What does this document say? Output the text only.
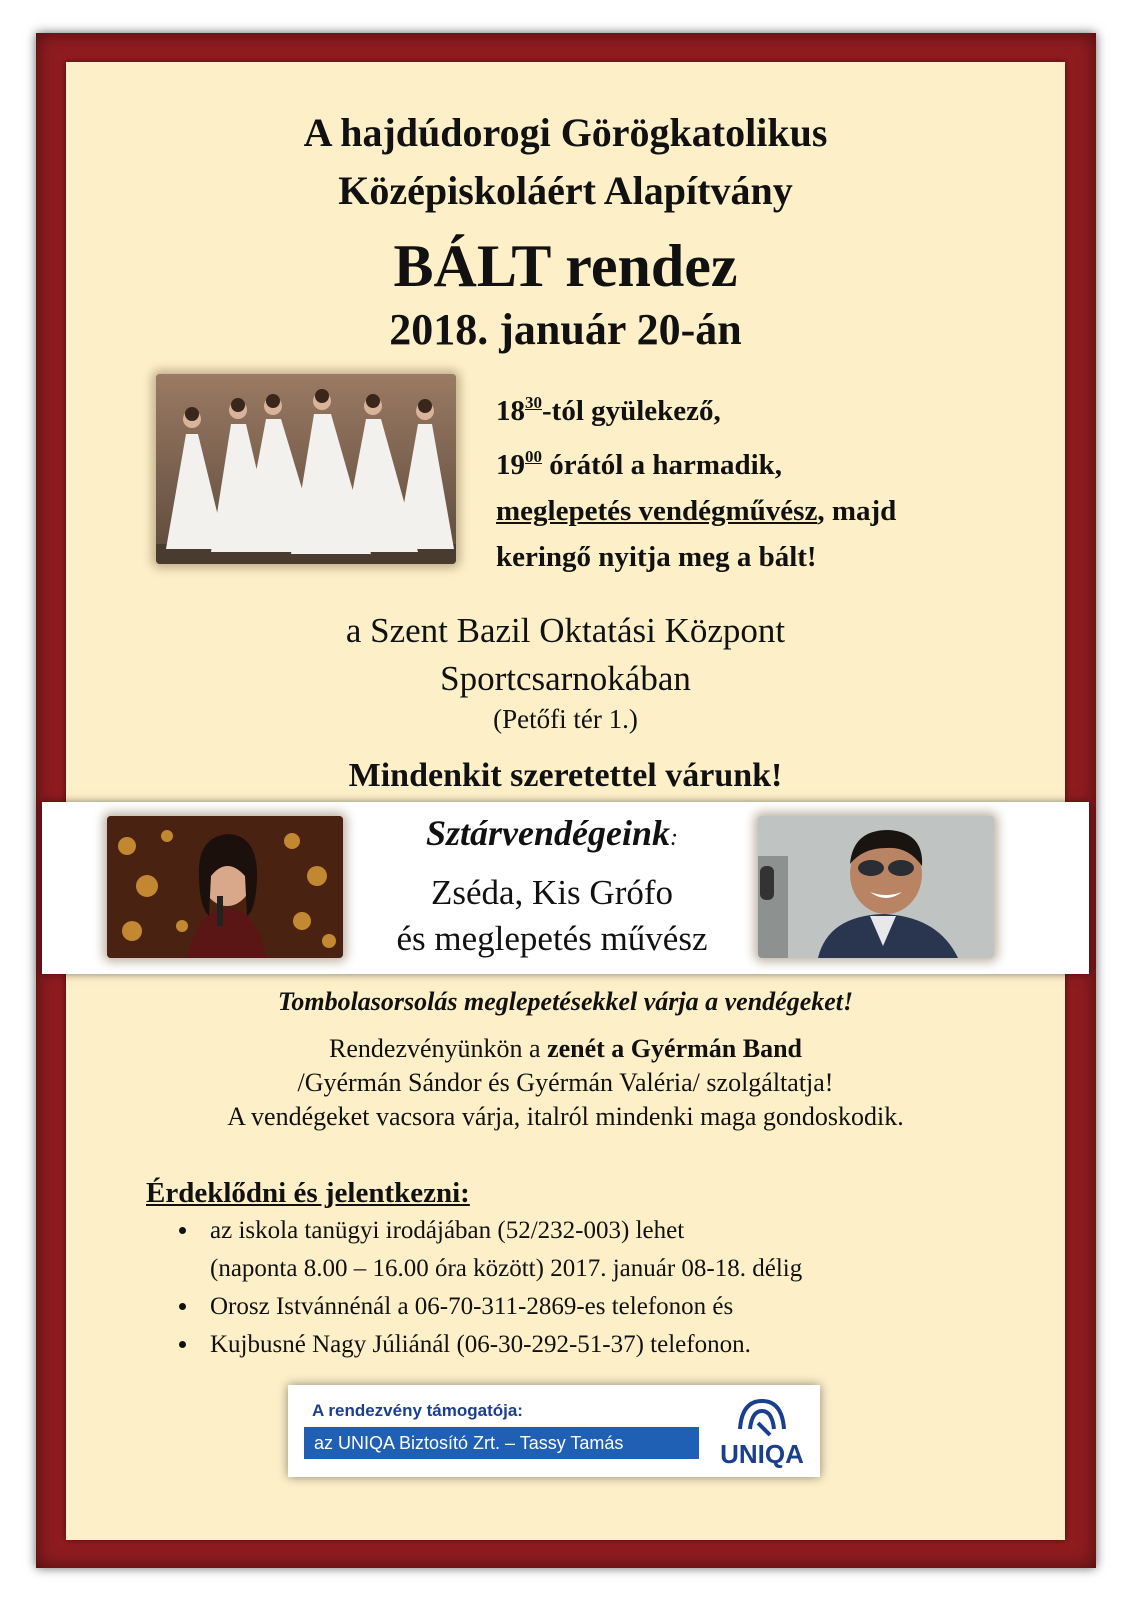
A hajdúdorogi Görögkatolikus
Középiskoláért Alapítvány
BÁLT rendez
2018. január 20-án
$18^{30}$-tól gyülekező,
$19^{00}$ órától a harmadik,
meglepetés vendégművész, majd
keringő nyitja meg a bált!
a Szent Bazil Oktatási Központ
Sportcsarnokában
(Petőfi tér 1.)
Mindenkit szeretettel várunk!
Sztárvendégeink:
Zséda, Kis Grófo
és meglepetés művész
Tombolasorsolás meglepetésekkel várja a vendégeket!
Rendezvényünkön a zenét a Gyérmán Band
/Gyérmán Sándor és Gyérmán Valéria/ szolgáltatja!
A vendégeket vacsora várja, italról mindenki maga gondoskodik.
Érdeklődni és jelentkezni:
• az iskola tanügyi irodájában (52/232-003) lehet
(naponta 8.00 – 16.00 óra között) 2017. január 08-18. délig
• Orosz Istvánnénál a 06-70-311-2869-es telefonon és
• Kujbusné Nagy Júliánál (06-30-292-51-37) telefonon.
A rendezvény támogatója:
az UNIQA Biztosító Zrt. – Tassy Tamás	UNIQA
